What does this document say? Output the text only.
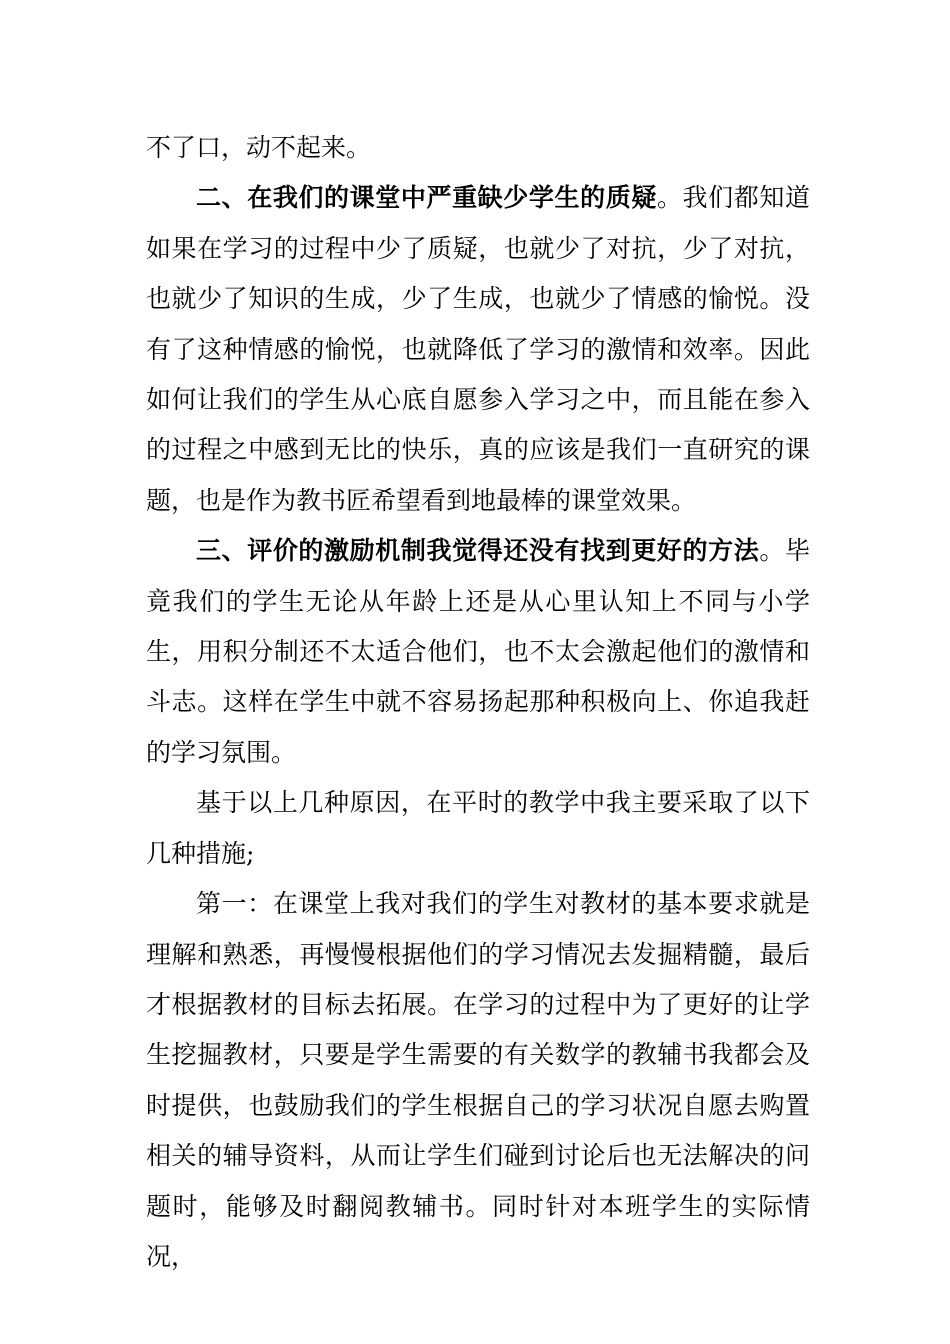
不了口，动不起来。

二、在我们的课堂中严重缺少学生的质疑。我们都知道如果在学习的过程中少了质疑，也就少了对抗，少了对抗，也就少了知识的生成，少了生成，也就少了情感的愉悦。没有了这种情感的愉悦，也就降低了学习的激情和效率。因此如何让我们的学生从心底自愿参入学习之中，而且能在参入的过程之中感到无比的快乐，真的应该是我们一直研究的课题，也是作为教书匠希望看到地最棒的课堂效果。

三、评价的激励机制我觉得还没有找到更好的方法。毕竟我们的学生无论从年龄上还是从心里认知上不同与小学生，用积分制还不太适合他们，也不太会激起他们的激情和斗志。这样在学生中就不容易扬起那种积极向上、你追我赶的学习氛围。

基于以上几种原因，在平时的教学中我主要采取了以下几种措施;

第一：在课堂上我对我们的学生对教材的基本要求就是理解和熟悉，再慢慢根据他们的学习情况去发掘精髓，最后才根据教材的目标去拓展。在学习的过程中为了更好的让学生挖掘教材，只要是学生需要的有关数学的教辅书我都会及时提供，也鼓励我们的学生根据自己的学习状况自愿去购置相关的辅导资料，从而让学生们碰到讨论后也无法解决的问题时，能够及时翻阅教辅书。同时针对本班学生的实际情况，
